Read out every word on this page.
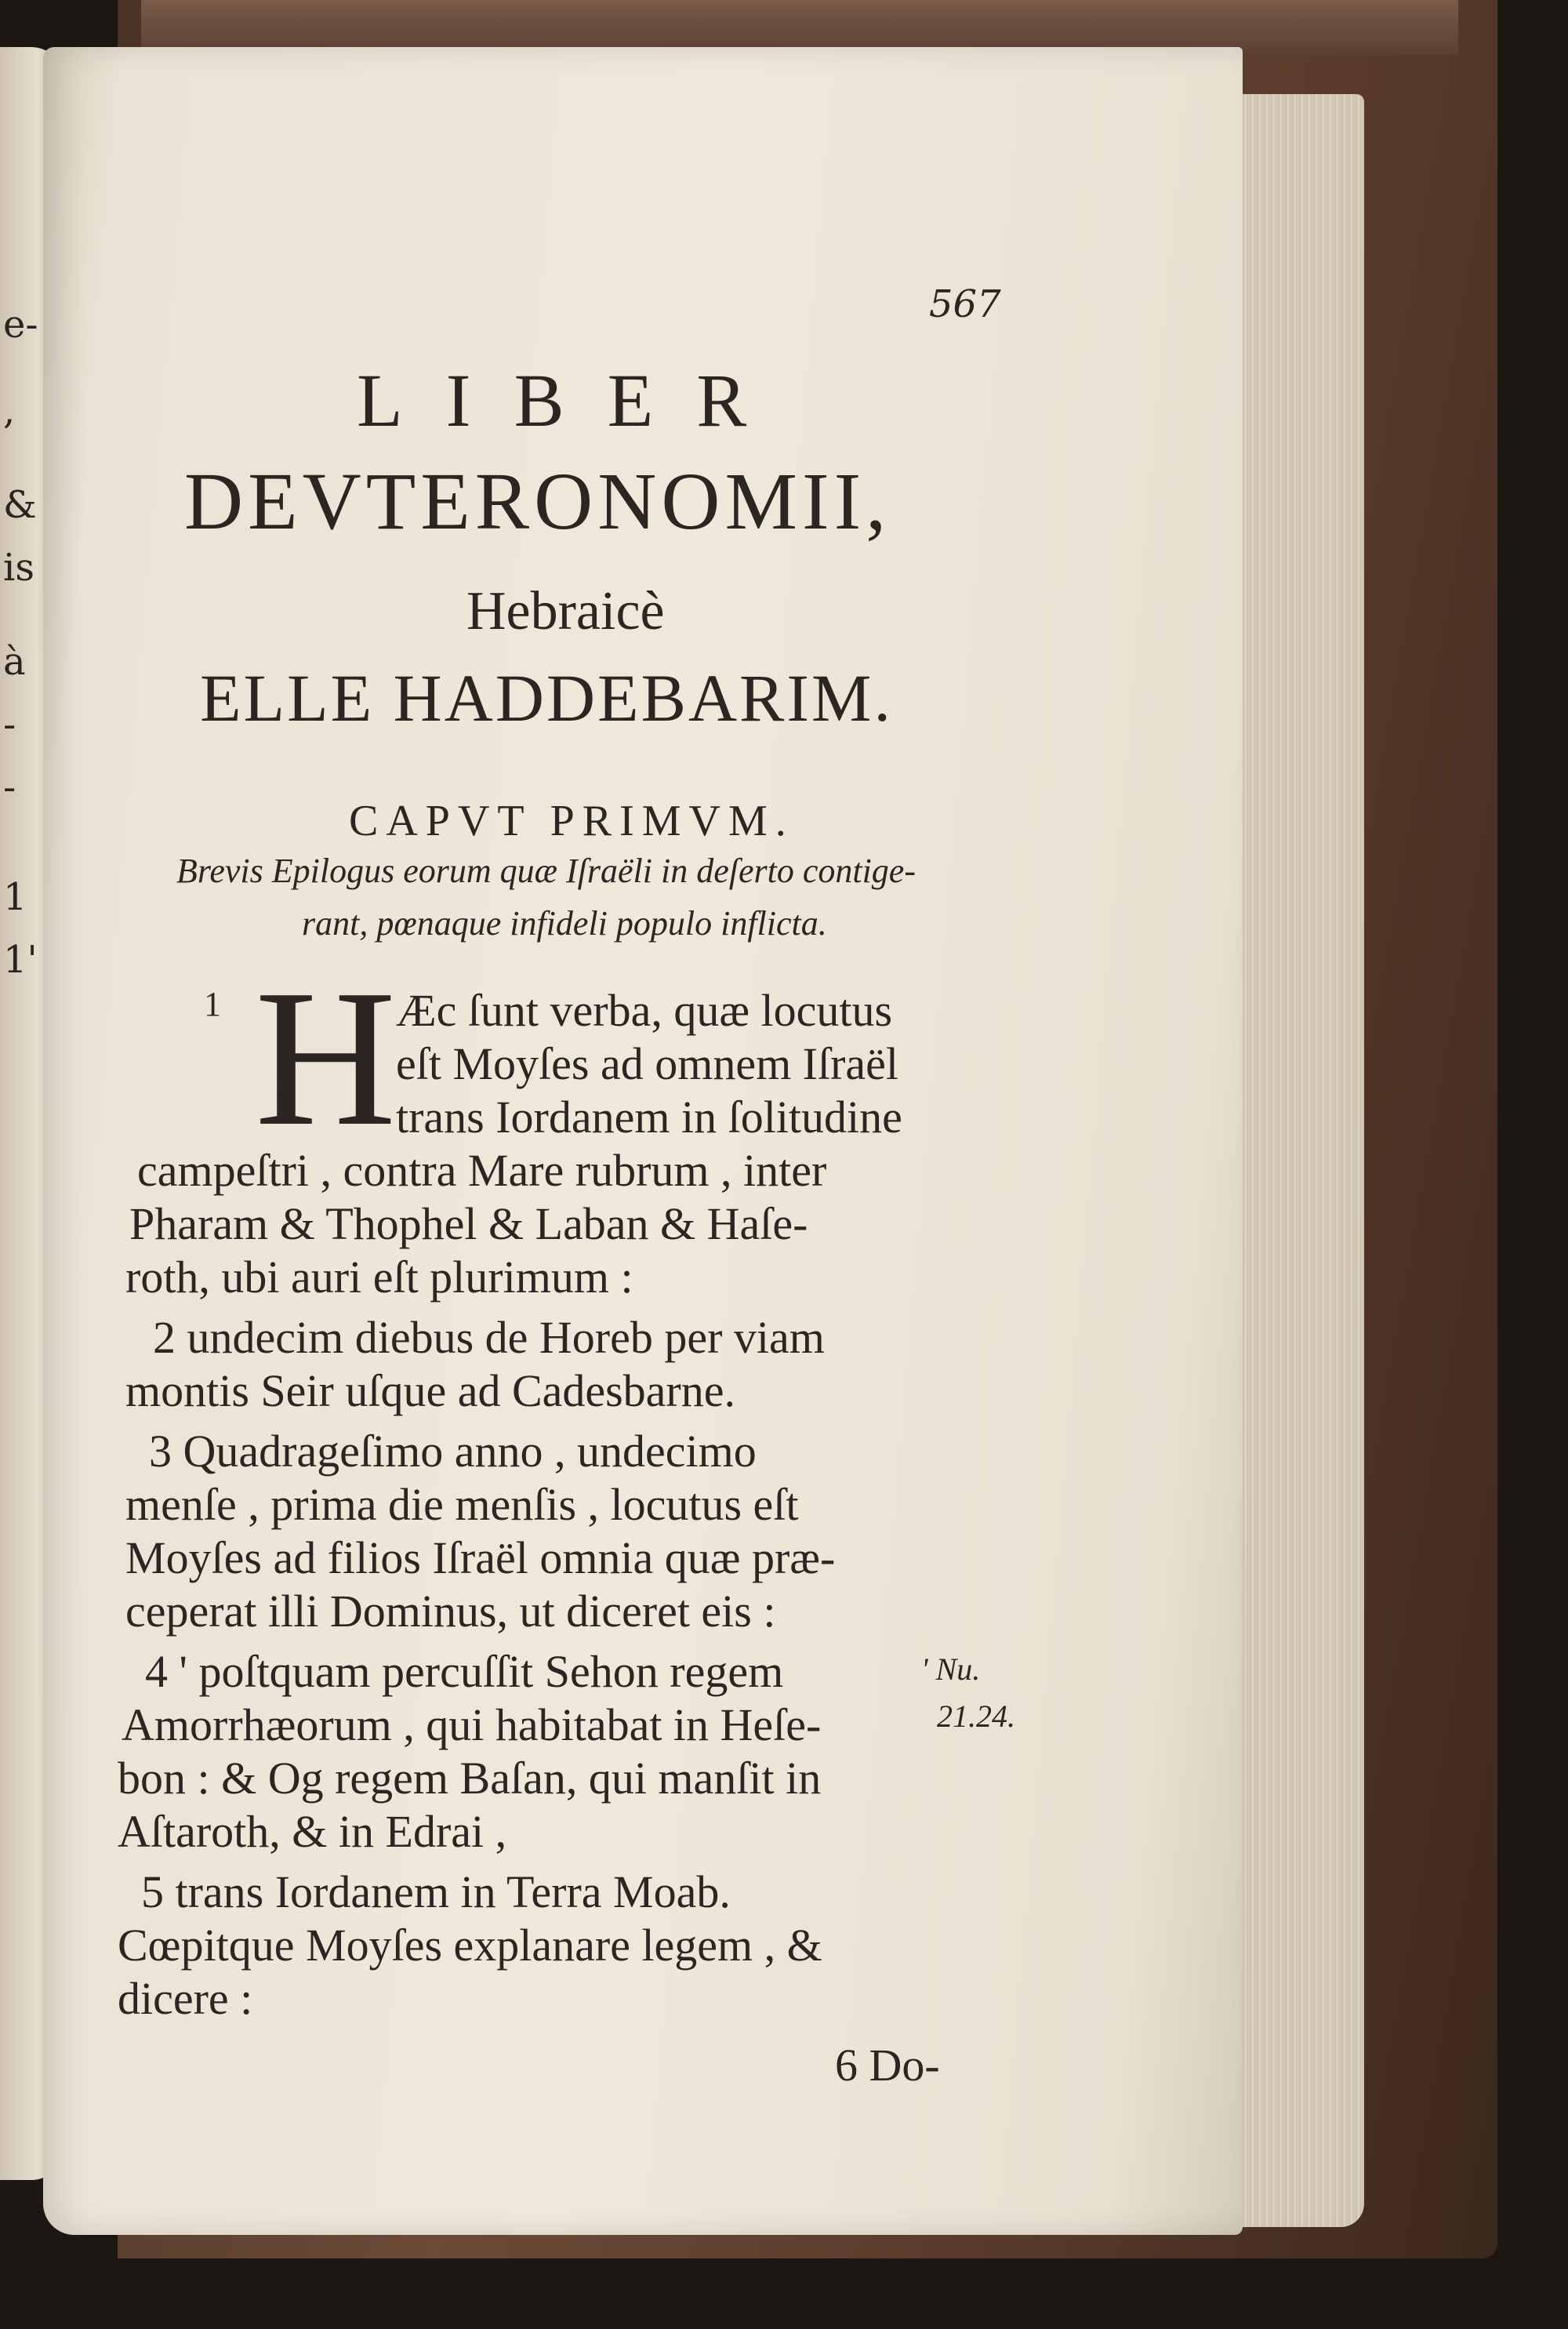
e-
,
&
is
à
-
-
1
1'
567
LIBER
DEVTERONOMII,
Hebraicè
ELLE HADDEBARIM.
CAPVT PRIMVM.
Brevis Epilogus eorum quæ Iſraëli in deſerto contige-
rant, pœnaque infideli populo inflicta.
1 H Æc ſunt verba, quæ locutus
eſt Moyſes ad omnem Iſraël
trans Iordanem in ſolitudine
campeſtri , contra Mare rubrum , inter
Pharam & Thophel & Laban & Haſe-
roth, ubi auri eſt plurimum :
2 undecim diebus de Horeb per viam
montis Seir uſque ad Cadesbarne.
3 Quadrageſimo anno , undecimo
menſe , prima die menſis , locutus eſt
Moyſes ad filios Iſraël omnia quæ præ-
ceperat illi Dominus, ut diceret eis :
4 ' poſtquam percuſſit Sehon regem
Amorrhæorum , qui habitabat in Heſe-
bon : & Og regem Baſan, qui manſit in
Aſtaroth, & in Edrai ,
5 trans Iordanem in Terra Moab.
Cœpitque Moyſes explanare legem , &
dicere :
' Nu.
21.24.
6 Do-
